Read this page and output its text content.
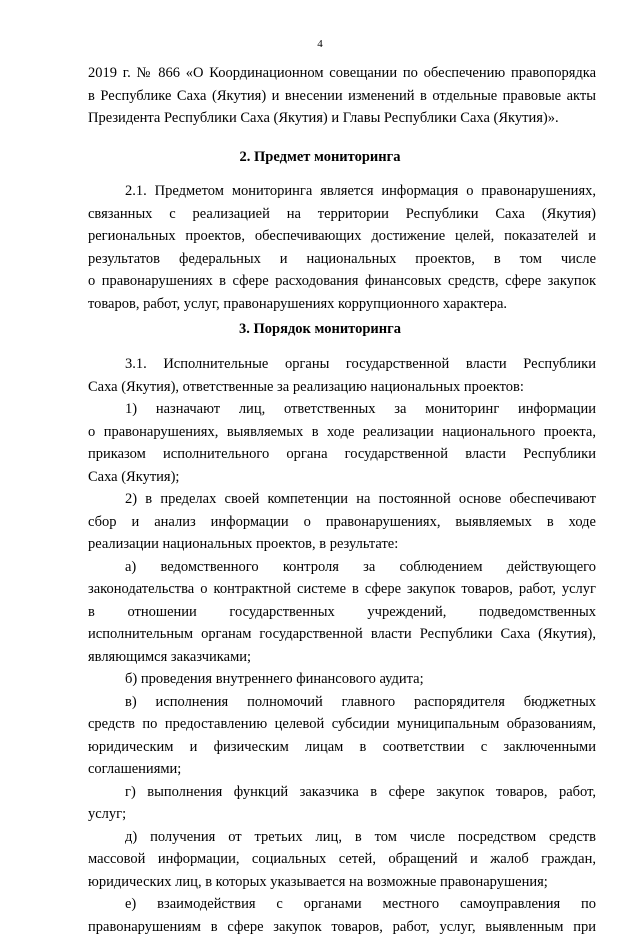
4

2019 г. № 866 «О Координационном совещании по обеспечению правопорядка

в Республике Саха (Якутия) и внесении изменений в отдельные правовые акты

Президента Республики Саха (Якутия) и Главы Республики Саха (Якутия)».

2. Предмет мониторинга

2.1. Предметом мониторинга является информация о правонарушениях,

связанных с реализацией на территории Республики Саха (Якутия)

региональных проектов, обеспечивающих достижение целей, показателей и

результатов федеральных и национальных проектов, в том числе

о правонарушениях в сфере расходования финансовых средств, сфере закупок

товаров, работ, услуг, правонарушениях коррупционного характера.

3. Порядок мониторинга

3.1. Исполнительные органы государственной власти Республики

Саха (Якутия), ответственные за реализацию национальных проектов:

1) назначают лиц, ответственных за мониторинг информации

о правонарушениях, выявляемых в ходе реализации национального проекта,

приказом исполнительного органа государственной власти Республики

Саха (Якутия);

2) в пределах своей компетенции на постоянной основе обеспечивают

сбор и анализ информации о правонарушениях, выявляемых в ходе

реализации национальных проектов, в результате:

а) ведомственного контроля за соблюдением действующего

законодательства о контрактной системе в сфере закупок товаров, работ, услуг

в отношении государственных учреждений, подведомственных

исполнительным органам государственной власти Республики Саха (Якутия),

являющимся заказчиками;

б) проведения внутреннего финансового аудита;

в) исполнения полномочий главного распорядителя бюджетных

средств по предоставлению целевой субсидии муниципальным образованиям,

юридическим и физическим лицам в соответствии с заключенными

соглашениями;

г) выполнения функций заказчика в сфере закупок товаров, работ,

услуг;

д) получения от третьих лиц, в том числе посредством средств

массовой информации, социальных сетей, обращений и жалоб граждан,

юридических лиц, в которых указывается на возможные правонарушения;

е) взаимодействия с органами местного самоуправления по

правонарушениям в сфере закупок товаров, работ, услуг, выявленным при
